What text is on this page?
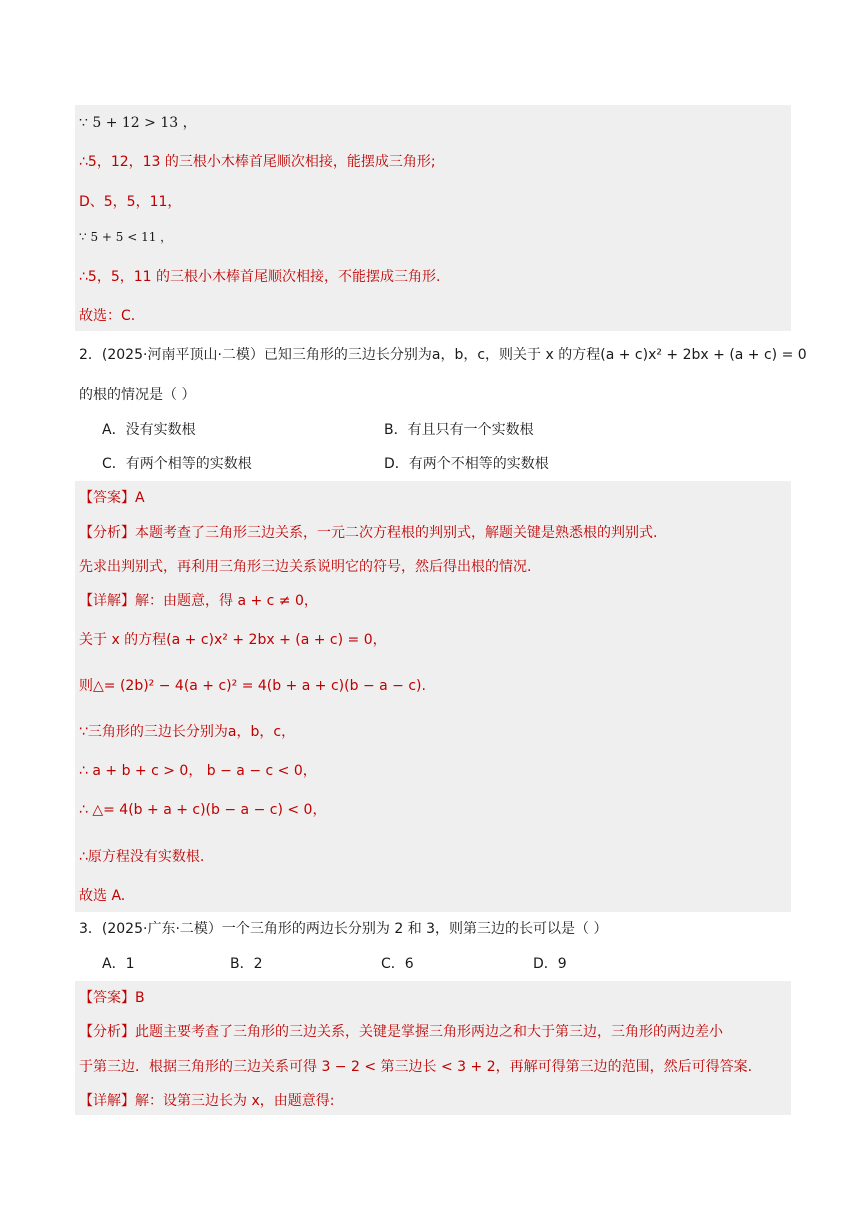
∵ 5 + 12 > 13 ，
∴5，12，13 的三根小木棒首尾顺次相接，能摆成三角形;
D、5，5，11，
∵ 5 + 5 < 11 ，
∴5，5，11 的三根小木棒首尾顺次相接，不能摆成三角形.
故选：C.
2．(2025·河南平顶山·二模）已知三角形的三边长分别为a，b，c，则关于 x 的方程(a + c)x² + 2bx + (a + c) = 0
的根的情况是（ ）
A．没有实数根	B．有且只有一个实数根
C．有两个相等的实数根	D．有两个不相等的实数根
【答案】A
【分析】本题考查了三角形三边关系，一元二次方程根的判别式，解题关键是熟悉根的判别式.
先求出判别式，再利用三角形三边关系说明它的符号，然后得出根的情况.
【详解】解：由题意，得 a + c ≠ 0，
关于 x 的方程(a + c)x² + 2bx + (a + c) = 0，
则△= (2b)² − 4(a + c)² = 4(b + a + c)(b − a − c).
∵三角形的三边长分别为a，b，c，
∴ a + b + c > 0， b − a − c < 0，
∴ △= 4(b + a + c)(b − a − c) < 0，
∴原方程没有实数根.
故选 A.
3．(2025·广东·二模）一个三角形的两边长分别为 2 和 3，则第三边的长可以是（ ）
A．1	B．2	C．6	D．9
【答案】B
【分析】此题主要考查了三角形的三边关系，关键是掌握三角形两边之和大于第三边，三角形的两边差小
于第三边．根据三角形的三边关系可得 3 − 2 < 第三边长 < 3 + 2，再解可得第三边的范围，然后可得答案.
【详解】解：设第三边长为 x，由题意得:
